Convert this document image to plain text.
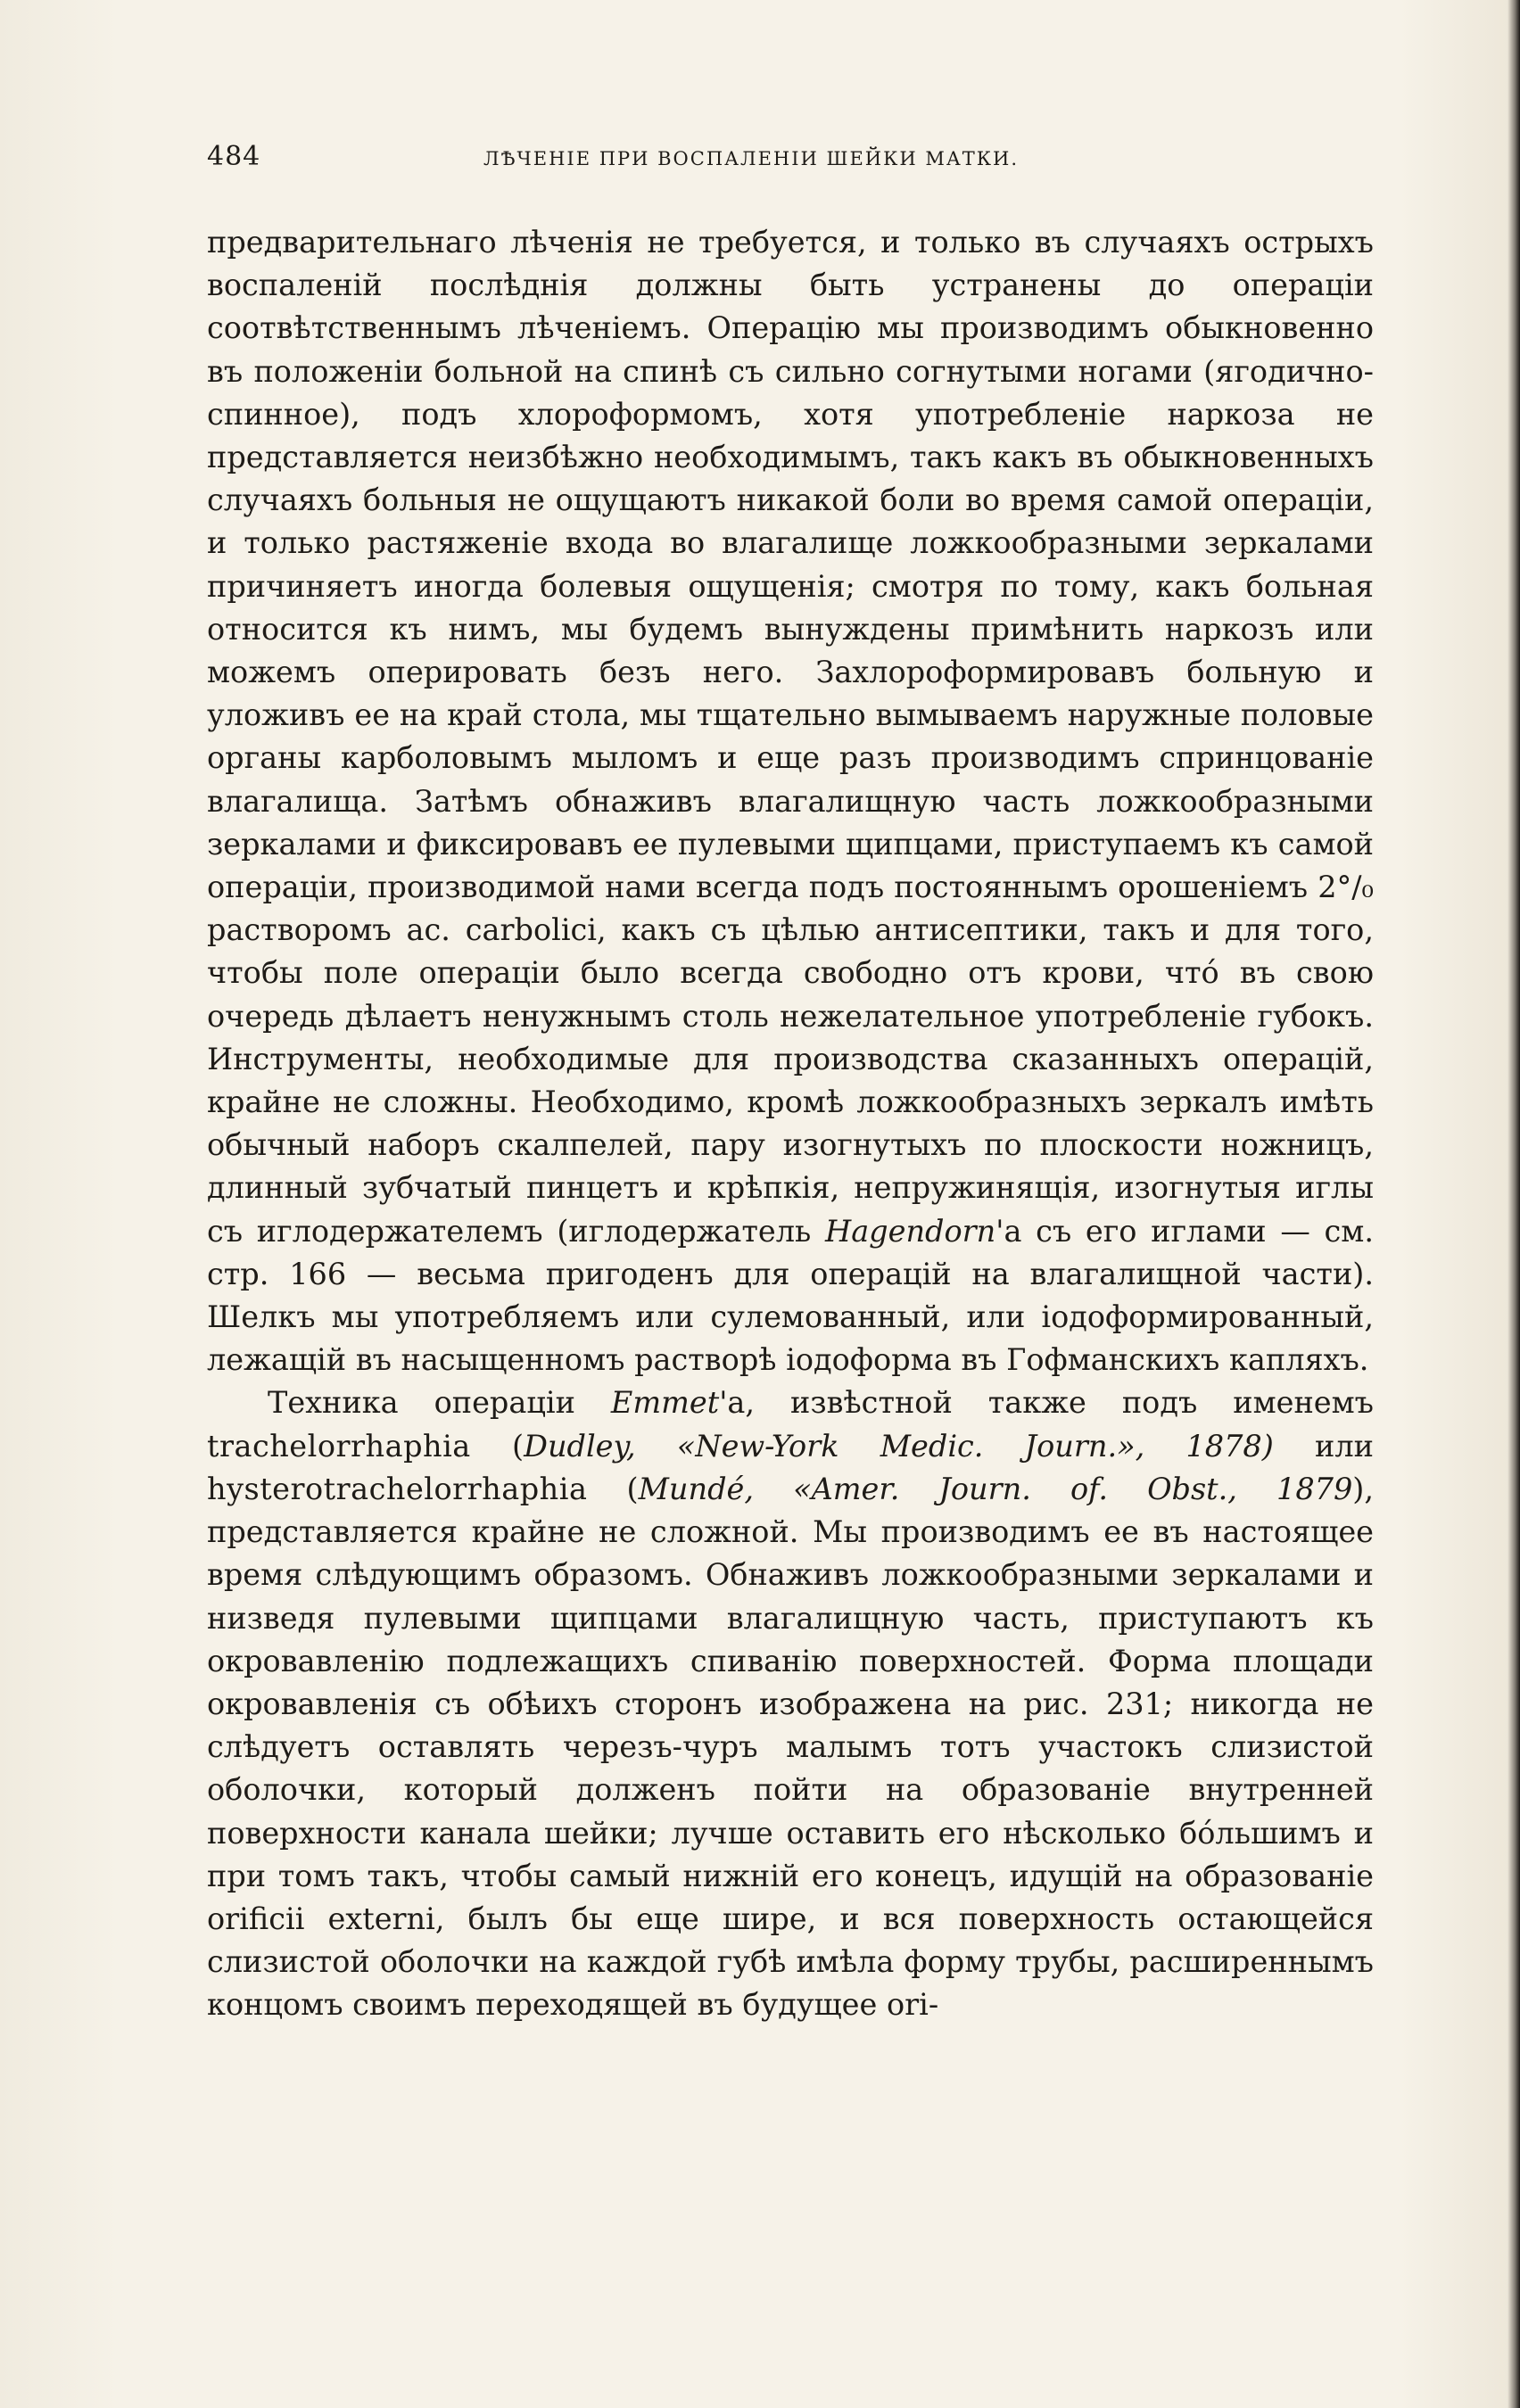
484	ЛѢЧЕНІЕ ПРИ ВОСПАЛЕНІИ ШЕЙКИ МАТКИ.

предварительнаго лѣченія не требуется, и только въ случаяхъ острыхъ воспаленій послѣднія должны быть устранены до операціи соотвѣтственнымъ лѣченіемъ. Операцію мы производимъ обыкновенно въ положеніи больной на спинѣ съ сильно согнутыми ногами (ягодично-спинное), подъ хлороформомъ, хотя употребленіе наркоза не представляется неизбѣжно необходимымъ, такъ какъ въ обыкновенныхъ случаяхъ больныя не ощущаютъ никакой боли во время самой операціи, и только растяженіе входа во влагалище ложкообразными зеркалами причиняетъ иногда болевыя ощущенія; смотря по тому, какъ больная относится къ нимъ, мы будемъ вынуждены примѣнить наркозъ или можемъ оперировать безъ него. Захлороформировавъ больную и уложивъ ее на край стола, мы тщательно вымываемъ наружные половые органы карболовымъ мыломъ и еще разъ производимъ спринцованіе влагалища. Затѣмъ обнаживъ влагалищную часть ложкообразными зеркалами и фиксировавъ ее пулевыми щипцами, приступаемъ къ самой операціи, производимой нами всегда подъ постояннымъ орошеніемъ 2°/₀ растворомъ ac. carbolici, какъ съ цѣлью антисептики, такъ и для того, чтобы поле операціи было всегда свободно отъ крови, что́ въ свою очередь дѣлаетъ ненужнымъ столь нежелательное употребленіе губокъ. Инструменты, необходимые для производства сказанныхъ операцій, крайне не сложны. Необходимо, кромѣ ложкообразныхъ зеркалъ имѣть обычный наборъ скалпелей, пару изогнутыхъ по плоскости ножницъ, длинный зубчатый пинцетъ и крѣпкія, непружинящія, изогнутыя иглы съ иглодержателемъ (иглодержатель Hagendorn'а съ его иглами — см. стр. 166 — весьма пригоденъ для операцій на влагалищной части). Шелкъ мы употребляемъ или сулемованный, или іодоформированный, лежащій въ насыщенномъ растворѣ іодоформа въ Гофманскихъ капляхъ.

Техника операціи Emmet'а, извѣстной также подъ именемъ trachelorrhaphia (Dudley, «New-York Medic. Journ.», 1878) или hysterotrachelorrhaphia (Mundé, «Amer. Journ. of. Obst., 1879), представляется крайне не сложной. Мы производимъ ее въ настоящее время слѣдующимъ образомъ. Обнаживъ ложкообразными зеркалами и низведя пулевыми щипцами влагалищную часть, приступаютъ къ окровавленію подлежащихъ спиванію поверхностей. Форма площади окровавленія съ обѣихъ сторонъ изображена на рис. 231; никогда не слѣдуетъ оставлять черезъ-чуръ малымъ тотъ участокъ слизистой оболочки, который долженъ пойти на образованіе внутренней поверхности канала шейки; лучше оставить его нѣсколько бо́льшимъ и при томъ такъ, чтобы самый нижній его конецъ, идущій на образованіе orificii externi, былъ бы еще шире, и вся поверхность остающейся слизистой оболочки на каждой губѣ имѣла форму трубы, расширеннымъ концомъ своимъ переходящей въ будущее ori-
